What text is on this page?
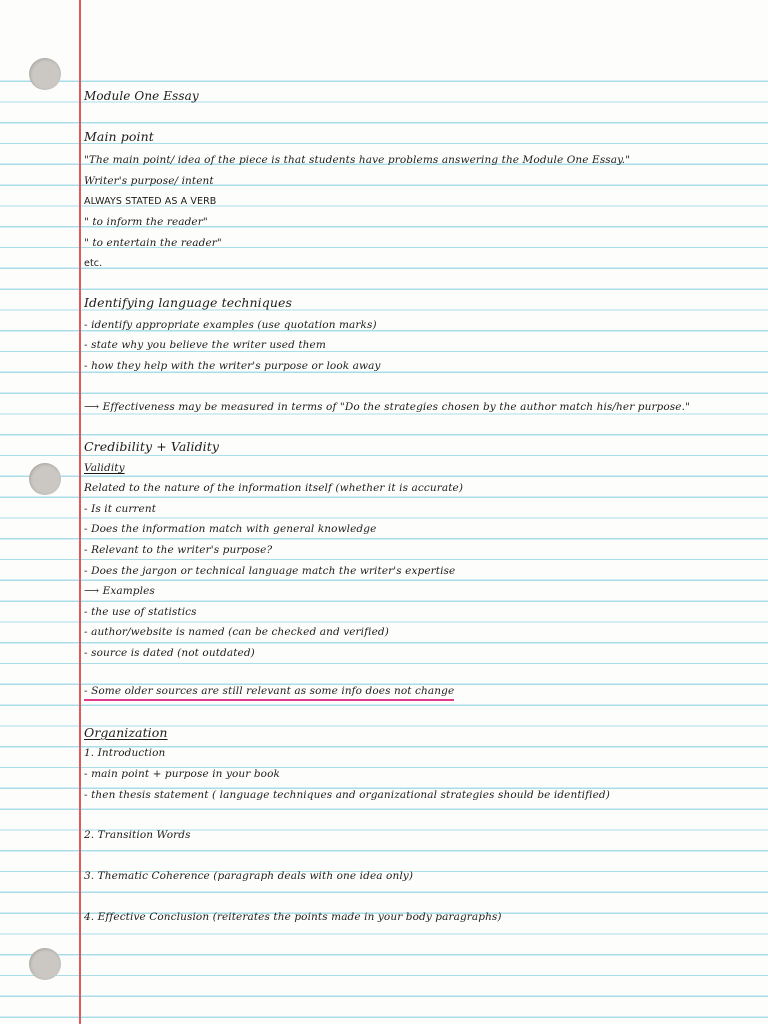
Module One Essay
Main point
"The main point/ idea of the piece is that students have problems answering the Module One Essay."
Writer's purpose/ intent
ALWAYS STATED AS A VERB
" to inform the reader"
" to entertain the reader"
etc.
Identifying language techniques
- identify appropriate examples (use quotation marks)
- state why you believe the writer used them
- how they help with the writer's purpose or look away
⟶ Effectiveness may be measured in terms of "Do the strategies chosen by the author match his/her purpose."
Credibility + Validity
Validity
Related to the nature of the information itself (whether it is accurate)
- Is it current
- Does the information match with general knowledge
- Relevant to the writer's purpose?
- Does the jargon or technical language match the writer's expertise
⟶ Examples
- the use of statistics
- author/website is named (can be checked and verified)
- source is dated (not outdated)
- Some older sources are still relevant as some info does not change
Organization
1. Introduction
- main point + purpose in your book
- then thesis statement ( language techniques and organizational strategies should be identified)
2. Transition Words
3. Thematic Coherence (paragraph deals with one idea only)
4. Effective Conclusion (reiterates the points made in your body paragraphs)
